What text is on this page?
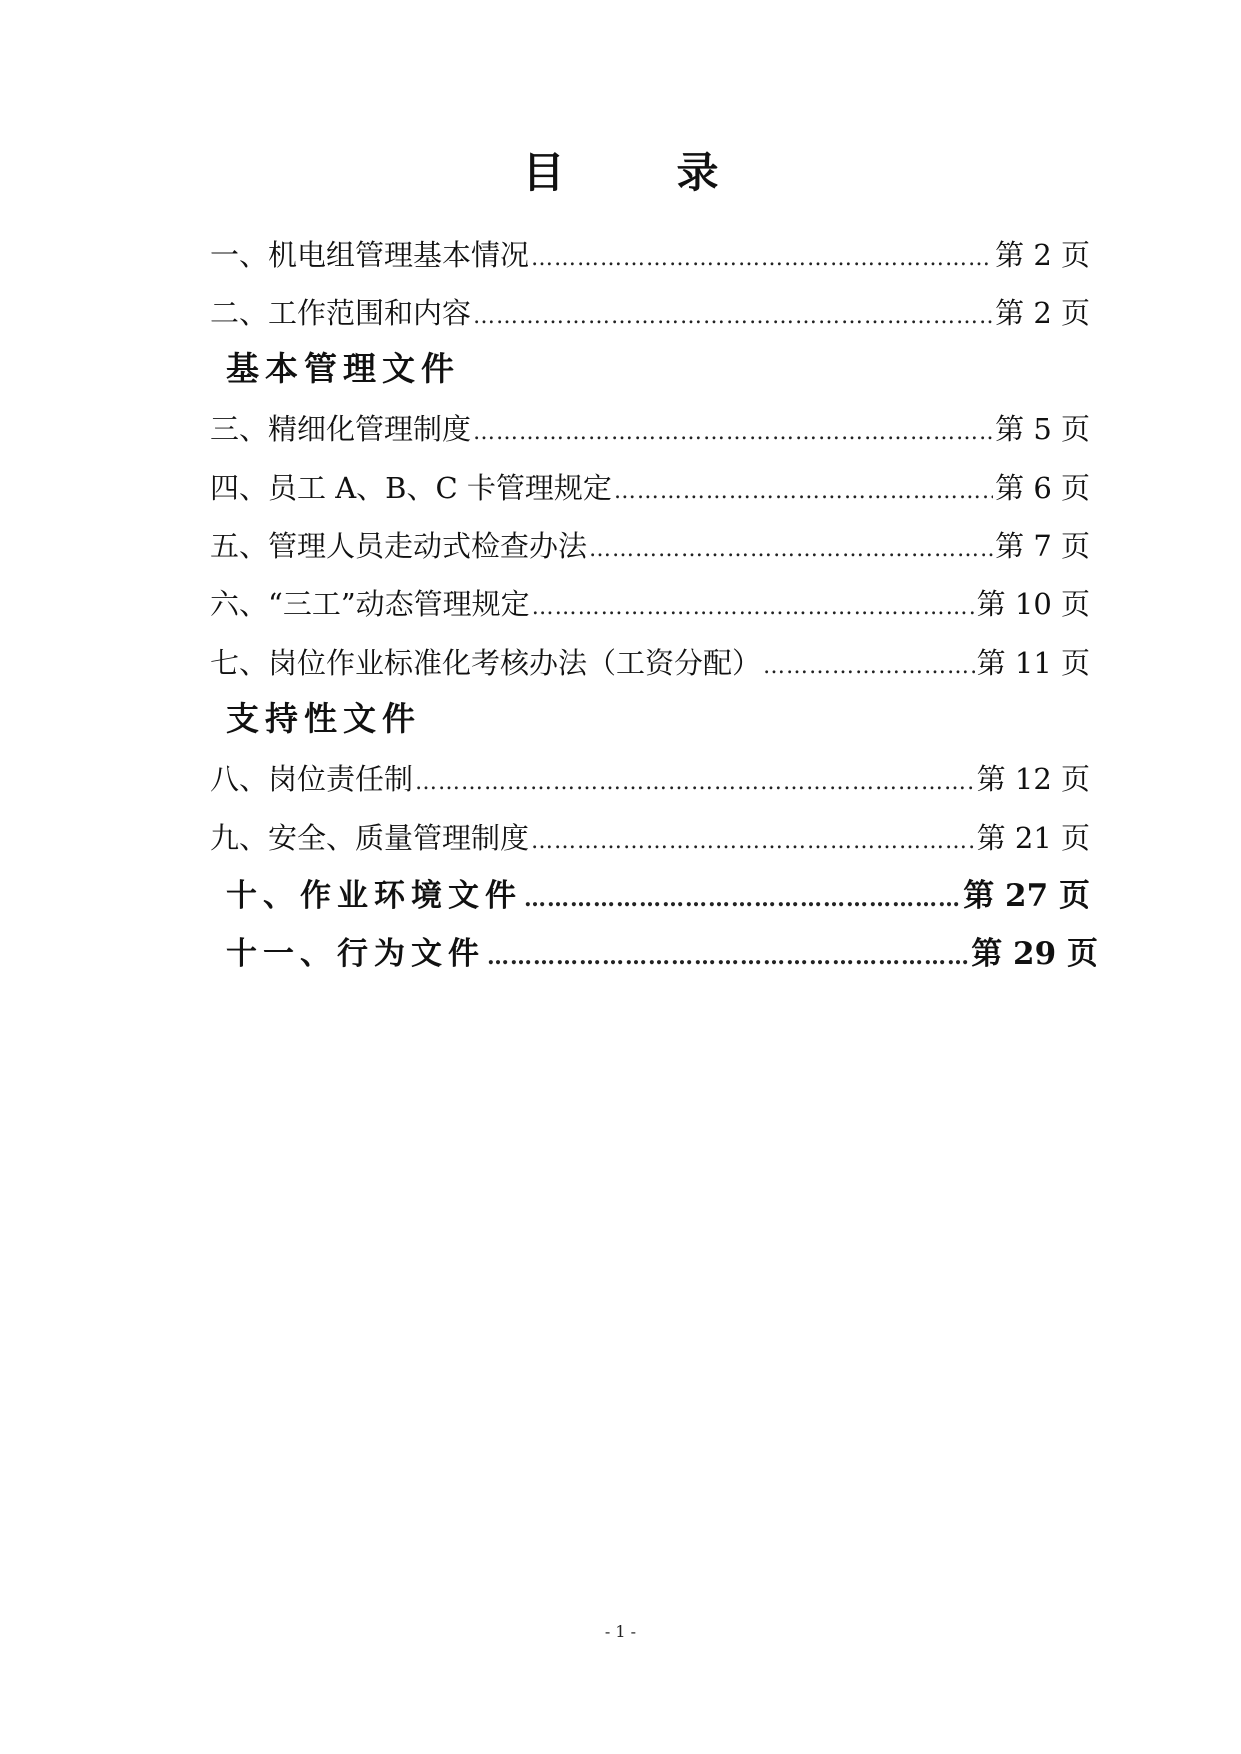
目	录
一、机电组管理基本情况 …………………………………………………………………………………………………………………………………………………………………………	第 2 页
二、工作范围和内容 …………………………………………………………………………………………………………………………………………………………………………	第 2 页
基本管理文件
三、精细化管理制度 …………………………………………………………………………………………………………………………………………………………………………	第 5 页
四、员工 A、B、C 卡管理规定 …………………………………………………………………………………………………………………………………………………………………………	第 6 页
五、管理人员走动式检查办法 …………………………………………………………………………………………………………………………………………………………………………	第 7 页
六、“三工”动态管理规定 …………………………………………………………………………………………………………………………………………………………………………	第 10 页
七、岗位作业标准化考核办法（工资分配） …………………………………………………………………………………………………………………………………………………………………………	第 11 页
支持性文件
八、岗位责任制 …………………………………………………………………………………………………………………………………………………………………………	第 12 页
九、安全、质量管理制度 …………………………………………………………………………………………………………………………………………………………………………	第 21 页
十、作业环境文件 …………………………………………………………………………………………………………………………………………………………………………	第 27 页
十一、行为文件 …………………………………………………………………………………………………………………………………………………………………………	第 29 页
- 1 -
